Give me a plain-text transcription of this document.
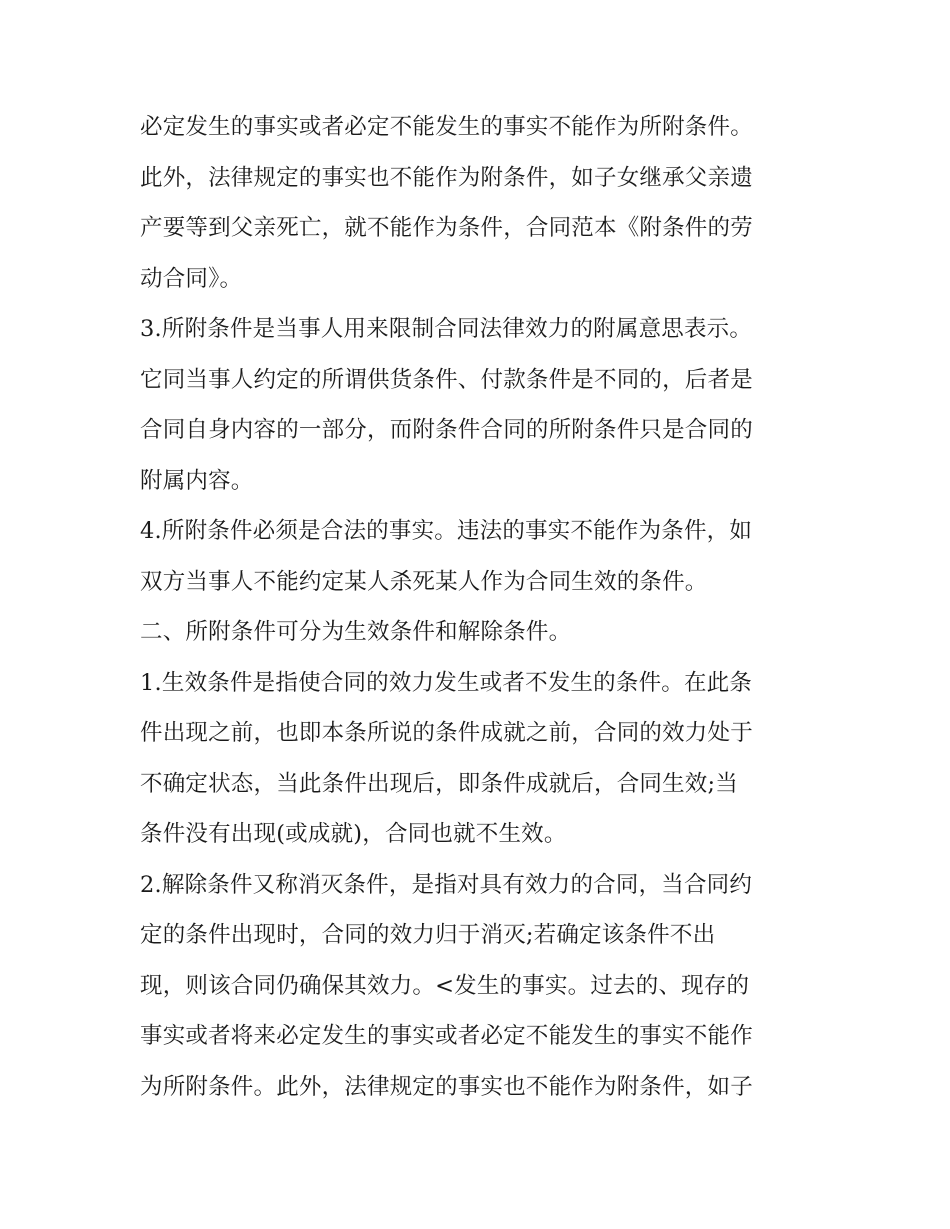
必定发生的事实或者必定不能发生的事实不能作为所附条件。
此外，法律规定的事实也不能作为附条件，如子女继承父亲遗
产要等到父亲死亡，就不能作为条件，合同范本《附条件的劳
动合同》。
3.所附条件是当事人用来限制合同法律效力的附属意思表示。
它同当事人约定的所谓供货条件、付款条件是不同的，后者是
合同自身内容的一部分，而附条件合同的所附条件只是合同的
附属内容。
4.所附条件必须是合法的事实。违法的事实不能作为条件，如
双方当事人不能约定某人杀死某人作为合同生效的条件。
二、所附条件可分为生效条件和解除条件。
1.生效条件是指使合同的效力发生或者不发生的条件。在此条
件出现之前，也即本条所说的条件成就之前，合同的效力处于
不确定状态，当此条件出现后，即条件成就后，合同生效;当
条件没有出现(或成就)，合同也就不生效。
2.解除条件又称消灭条件，是指对具有效力的合同，当合同约
定的条件出现时，合同的效力归于消灭;若确定该条件不出
现，则该合同仍确保其效力。<发生的事实。过去的、现存的
事实或者将来必定发生的事实或者必定不能发生的事实不能作
为所附条件。此外，法律规定的事实也不能作为附条件，如子
